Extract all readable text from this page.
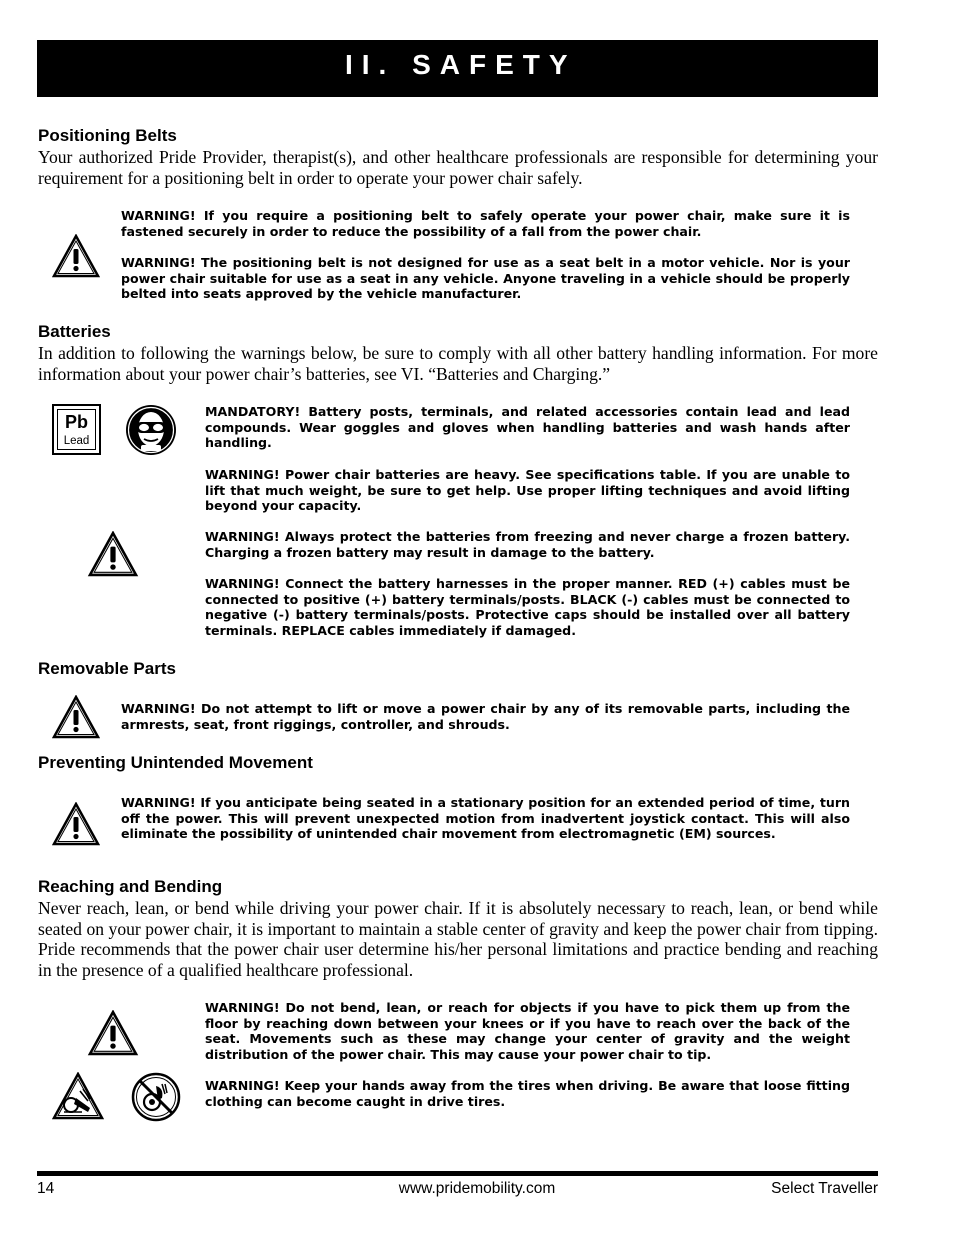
II. SAFETY
Positioning Belts
Your authorized Pride Provider, therapist(s), and other healthcare professionals are responsible for determining your requirement for a positioning belt in order to operate your power chair safely.
WARNING! If you require a positioning belt to safely operate your power chair, make sure it is fastened securely in order to reduce the possibility of a fall from the power chair.
WARNING! The positioning belt is not designed for use as a seat belt in a motor vehicle. Nor is your power chair suitable for use as a seat in any vehicle. Anyone traveling in a vehicle should be properly belted into seats approved by the vehicle manufacturer.
Batteries
In addition to following the warnings below, be sure to comply with all other battery handling information. For more information about your power chair’s batteries, see VI. “Batteries and Charging.”
Pb
Lead
MANDATORY! Battery posts, terminals, and related accessories contain lead and lead compounds. Wear goggles and gloves when handling batteries and wash hands after handling.
WARNING! Power chair batteries are heavy. See specifications table. If you are unable to lift that much weight, be sure to get help. Use proper lifting techniques and avoid lifting beyond your capacity.
WARNING! Always protect the batteries from freezing and never charge a frozen battery. Charging a frozen battery may result in damage to the battery.
WARNING! Connect the battery harnesses in the proper manner. RED (+) cables must be connected to positive (+) battery terminals/posts. BLACK (-) cables must be connected to negative (-) battery terminals/posts. Protective caps should be installed over all battery terminals. REPLACE cables immediately if damaged.
Removable Parts
WARNING! Do not attempt to lift or move a power chair by any of its removable parts, including the armrests, seat, front riggings, controller, and shrouds.
Preventing Unintended Movement
WARNING! If you anticipate being seated in a stationary position for an extended period of time, turn off the power. This will prevent unexpected motion from inadvertent joystick contact. This will also eliminate the possibility of unintended chair movement from electromagnetic (EM) sources.
Reaching and Bending
Never reach, lean, or bend while driving your power chair. If it is absolutely necessary to reach, lean, or bend while seated on your power chair, it is important to maintain a stable center of gravity and keep the power chair from tipping. Pride recommends that the power chair user determine his/her personal limitations and practice bending and reaching in the presence of a qualified healthcare professional.
WARNING! Do not bend, lean, or reach for objects if you have to pick them up from the floor by reaching down between your knees or if you have to reach over the back of the seat. Movements such as these may change your center of gravity and the weight distribution of the power chair. This may cause your power chair to tip.
WARNING! Keep your hands away from the tires when driving. Be aware that loose fitting clothing can become caught in drive tires.
14	www.pridemobility.com	Select Traveller
